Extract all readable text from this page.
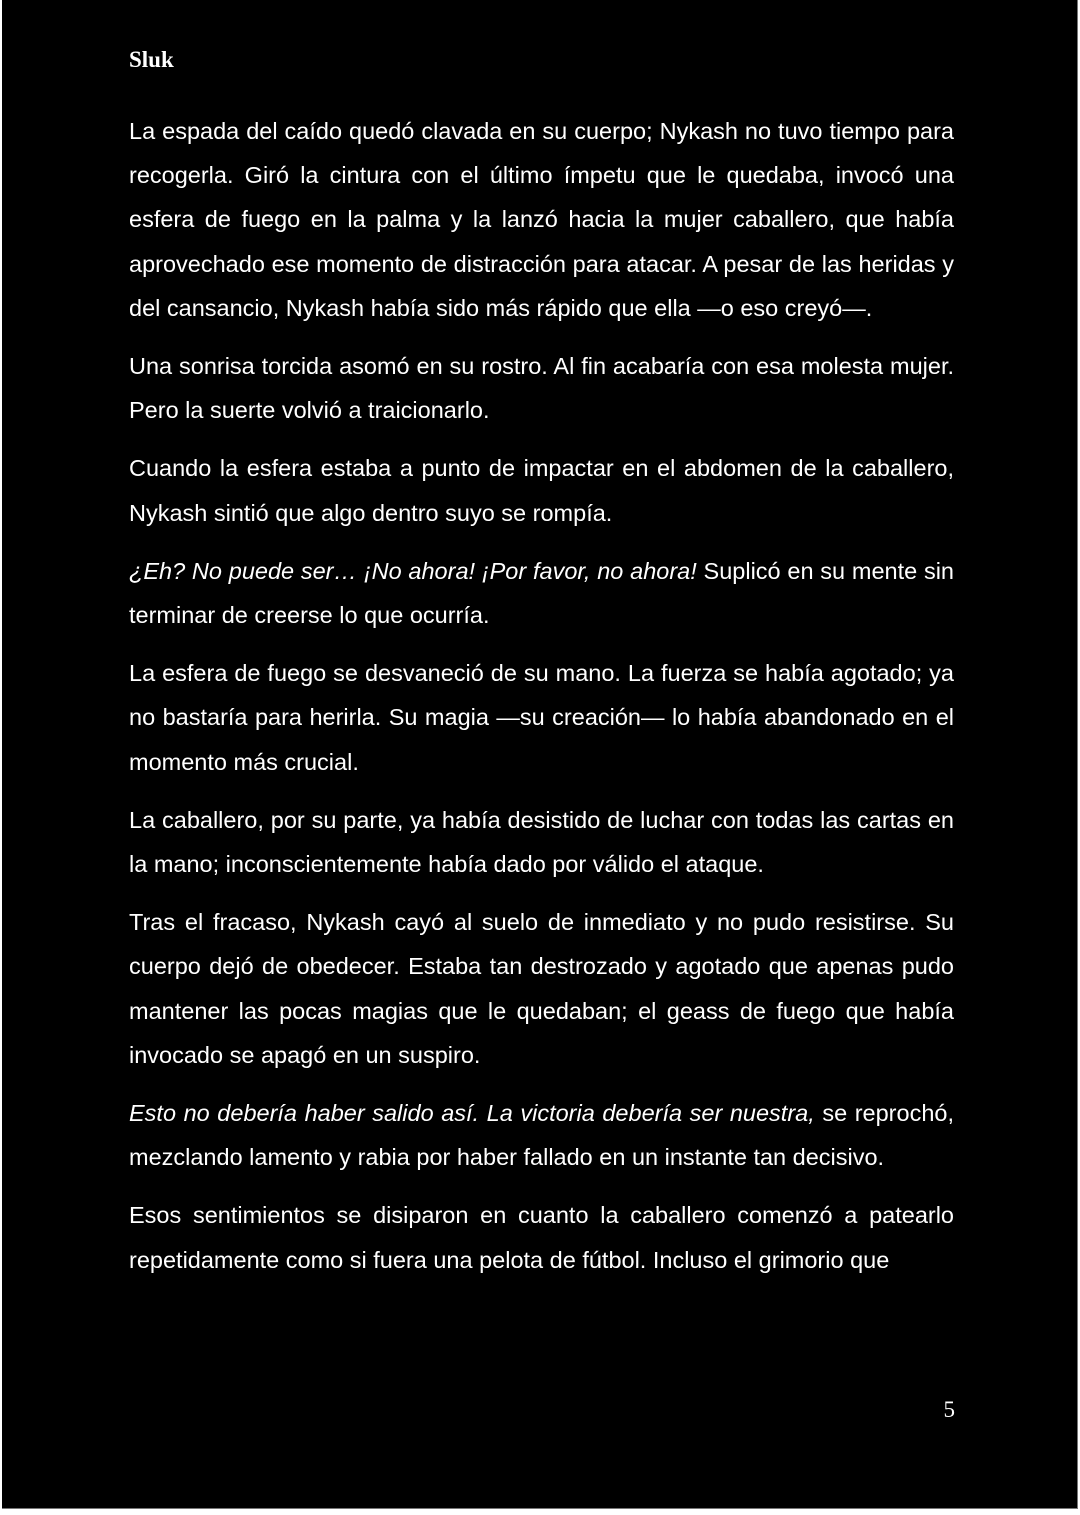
Sluk

La espada del caído quedó clavada en su cuerpo; Nykash no tuvo tiempo para recogerla. Giró la cintura con el último ímpetu que le quedaba, invocó una esfera de fuego en la palma y la lanzó hacia la mujer caballero, que había aprovechado ese momento de distracción para atacar. A pesar de las heridas y del cansancio, Nykash había sido más rápido que ella —o eso creyó—.

Una sonrisa torcida asomó en su rostro. Al fin acabaría con esa molesta mujer. Pero la suerte volvió a traicionarlo.

Cuando la esfera estaba a punto de impactar en el abdomen de la caballero, Nykash sintió que algo dentro suyo se rompía.

¿Eh? No puede ser… ¡No ahora! ¡Por favor, no ahora! Suplicó en su mente sin terminar de creerse lo que ocurría.

La esfera de fuego se desvaneció de su mano. La fuerza se había agotado; ya no bastaría para herirla. Su magia —su creación— lo había abandonado en el momento más crucial.

La caballero, por su parte, ya había desistido de luchar con todas las cartas en la mano; inconscientemente había dado por válido el ataque.

Tras el fracaso, Nykash cayó al suelo de inmediato y no pudo resistirse. Su cuerpo dejó de obedecer. Estaba tan destrozado y agotado que apenas pudo mantener las pocas magias que le quedaban; el geass de fuego que había invocado se apagó en un suspiro.

Esto no debería haber salido así. La victoria debería ser nuestra, se reprochó, mezclando lamento y rabia por haber fallado en un instante tan decisivo.

Esos sentimientos se disiparon en cuanto la caballero comenzó a patearlo repetidamente como si fuera una pelota de fútbol. Incluso el grimorio que

5
